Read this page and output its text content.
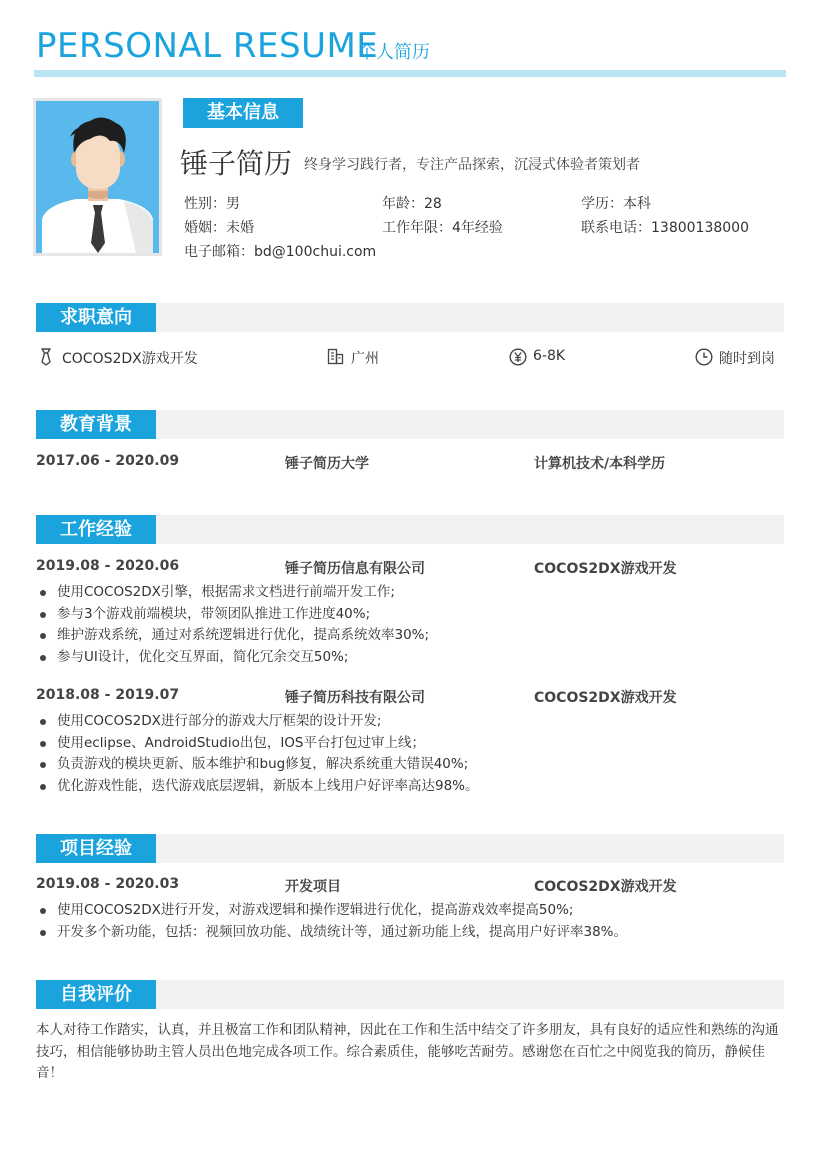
PERSONAL RESUME
个人简历
基本信息
锤子简历 终身学习践行者，专注产品探索，沉浸式体验者策划者
性别：男	年龄：28	学历：本科
婚姻：未婚	工作年限：4年经验	联系电话：13800138000
电子邮箱：bd@100chui.com
求职意向
COCOS2DX游戏开发	广州	6-8K	随时到岗
教育背景
2017.06 - 2020.09	锤子简历大学	计算机技术/本科学历
工作经验
2019.08 - 2020.06	锤子简历信息有限公司	COCOS2DX游戏开发
使用COCOS2DX引擎，根据需求文档进行前端开发工作;
参与3个游戏前端模块，带领团队推进工作进度40%;
维护游戏系统，通过对系统逻辑进行优化，提高系统效率30%;
参与UI设计，优化交互界面，简化冗余交互50%;
2018.08 - 2019.07	锤子简历科技有限公司	COCOS2DX游戏开发
使用COCOS2DX进行部分的游戏大厅框架的设计开发;
使用eclipse、AndroidStudio出包，IOS平台打包过审上线；
负责游戏的模块更新、版本维护和bug修复，解决系统重大错误40%;
优化游戏性能，迭代游戏底层逻辑，新版本上线用户好评率高达98%。
项目经验
2019.08 - 2020.03	开发项目	COCOS2DX游戏开发
使用COCOS2DX进行开发，对游戏逻辑和操作逻辑进行优化，提高游戏效率提高50%;
开发多个新功能，包括：视频回放功能、战绩统计等，通过新功能上线，提高用户好评率38%。
自我评价
本人对待工作踏实，认真，并且极富工作和团队精神，因此在工作和生活中结交了许多朋友，具有良好的适应性和熟练的沟通技巧，相信能够协助主管人员出色地完成各项工作。综合素质佳，能够吃苦耐劳。感谢您在百忙之中阅览我的简历，静候佳音！
